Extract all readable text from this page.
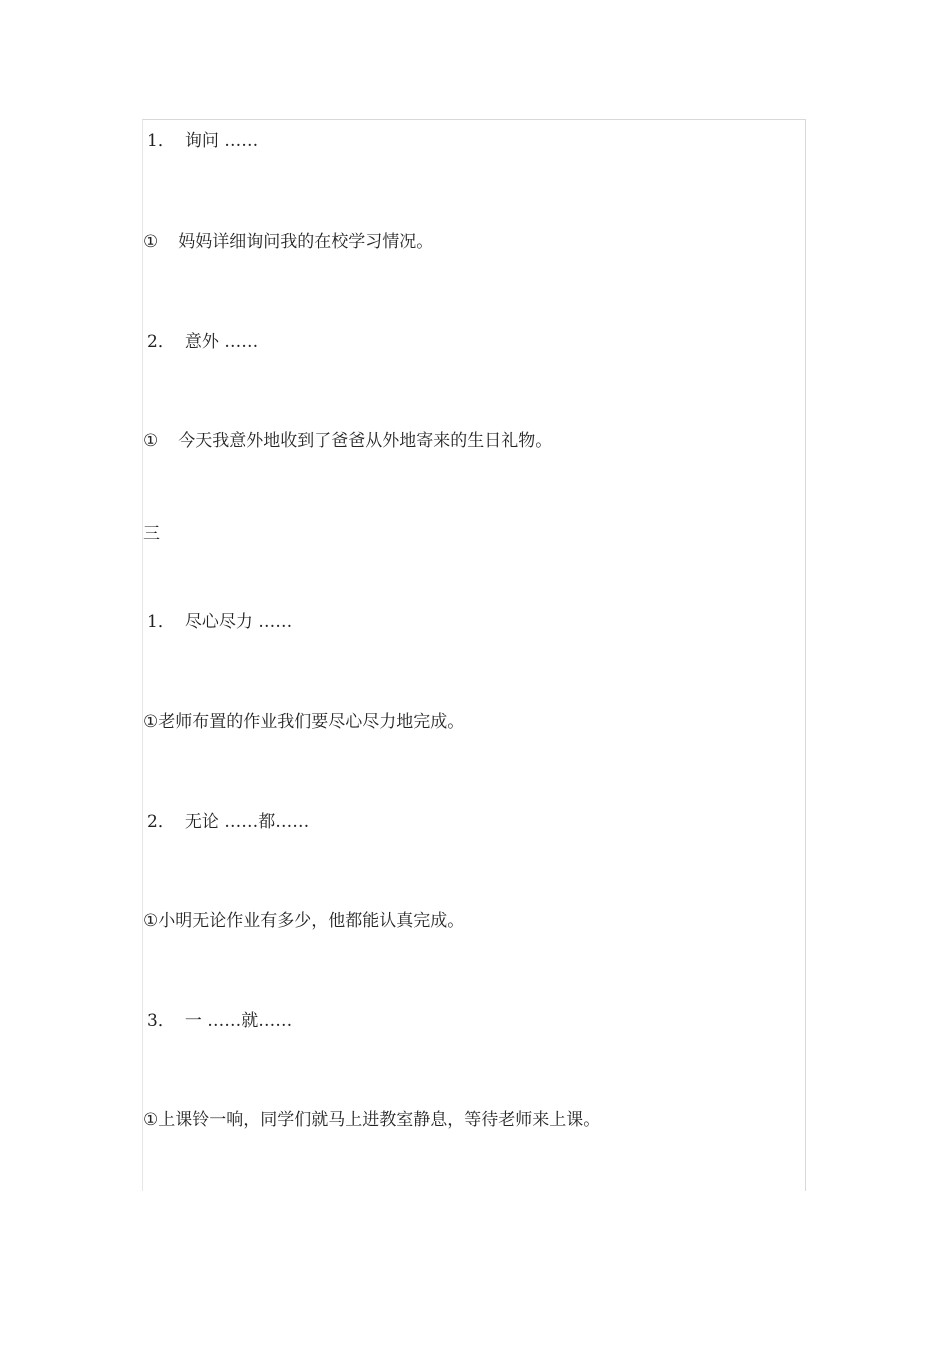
1． 询问 ……
① 妈妈详细询问我的在校学习情况。
2． 意外 ……
① 今天我意外地收到了爸爸从外地寄来的生日礼物。
三
1． 尽心尽力 ……
①老师布置的作业我们要尽心尽力地完成。
2． 无论 ……都……
①小明无论作业有多少，他都能认真完成。
3． 一 ……就……
①上课铃一响，同学们就马上进教室静息，等待老师来上课。
